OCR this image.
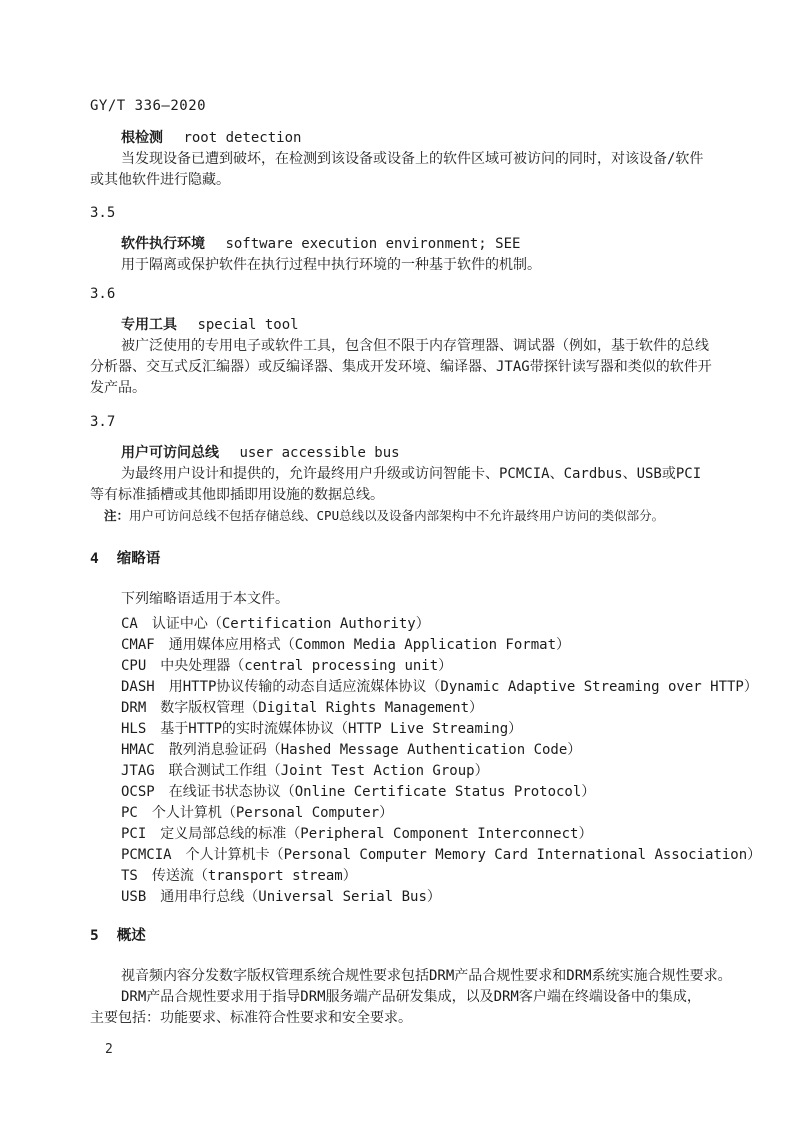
GY/T 336—2020

根检测 root detection

当发现设备已遭到破坏，在检测到该设备或设备上的软件区域可被访问的同时，对该设备/软件或其他软件进行隐藏。

3.5

软件执行环境 software execution environment; SEE

用于隔离或保护软件在执行过程中执行环境的一种基于软件的机制。

3.6

专用工具 special tool

被广泛使用的专用电子或软件工具，包含但不限于内存管理器、调试器（例如，基于软件的总线分析器、交互式反汇编器）或反编译器、集成开发环境、编译器、JTAG带探针读写器和类似的软件开发产品。

3.7

用户可访问总线 user accessible bus

为最终用户设计和提供的，允许最终用户升级或访问智能卡、PCMCIA、Cardbus、USB或PCI等有标准插槽或其他即插即用设施的数据总线。

注：用户可访问总线不包括存储总线、CPU总线以及设备内部架构中不允许最终用户访问的类似部分。

4 缩略语

下列缩略语适用于本文件。

CA 认证中心（Certification Authority）

CMAF 通用媒体应用格式（Common Media Application Format）

CPU 中央处理器（central processing unit）

DASH 用HTTP协议传输的动态自适应流媒体协议（Dynamic Adaptive Streaming over HTTP）

DRM 数字版权管理（Digital Rights Management）

HLS 基于HTTP的实时流媒体协议（HTTP Live Streaming）

HMAC 散列消息验证码（Hashed Message Authentication Code）

JTAG 联合测试工作组（Joint Test Action Group）

OCSP 在线证书状态协议（Online Certificate Status Protocol）

PC 个人计算机（Personal Computer）

PCI 定义局部总线的标准（Peripheral Component Interconnect）

PCMCIA 个人计算机卡（Personal Computer Memory Card International Association）

TS 传送流（transport stream）

USB 通用串行总线（Universal Serial Bus）

5 概述

视音频内容分发数字版权管理系统合规性要求包括DRM产品合规性要求和DRM系统实施合规性要求。

DRM产品合规性要求用于指导DRM服务端产品研发集成，以及DRM客户端在终端设备中的集成，主要包括：功能要求、标准符合性要求和安全要求。

2
